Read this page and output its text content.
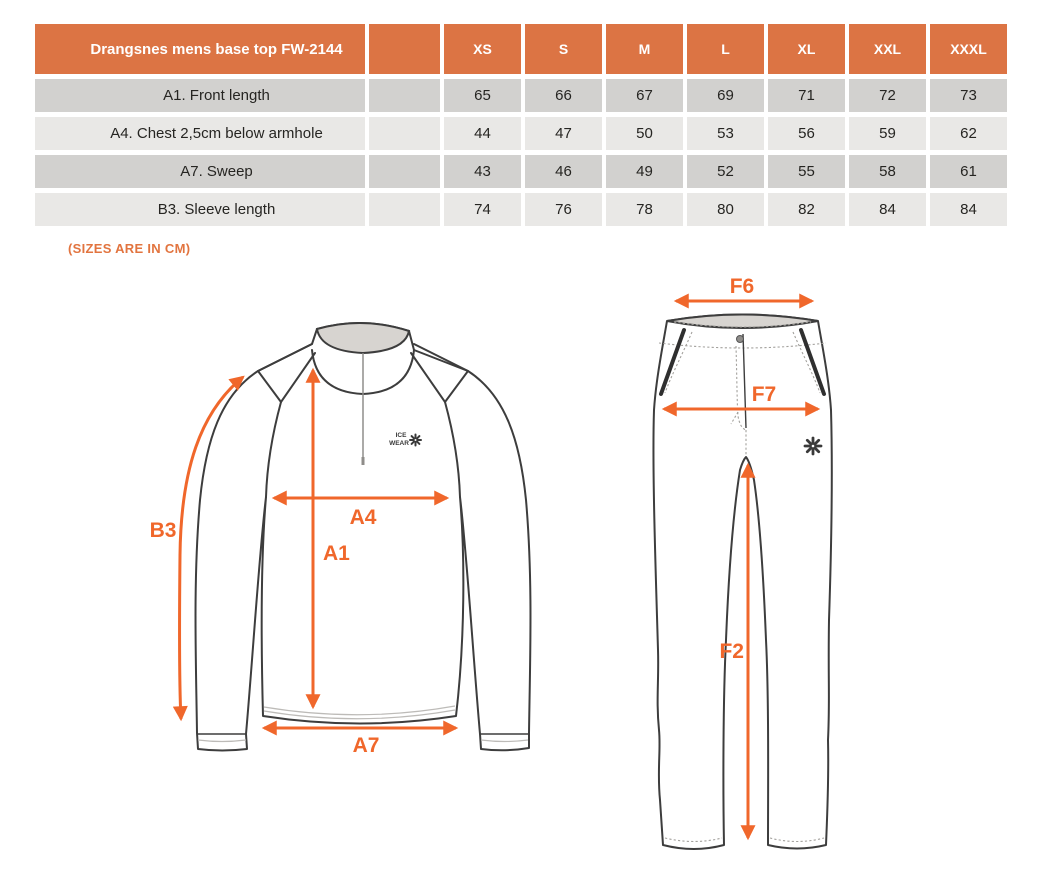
Drangsnes mens base top FW-2144	XS	S	M	L	XL	XXL	XXXL
A1. Front length	65	66	67	69	71	72	73
A4. Chest 2,5cm below armhole	44	47	50	53	56	59	62
A7. Sweep	43	46	49	52	55	58	61
B3. Sleeve length	74	76	78	80	82	84	84
(SIZES ARE IN CM)
ICE
WEAR
B3
A4
A1
A7
F6
F7
F2
